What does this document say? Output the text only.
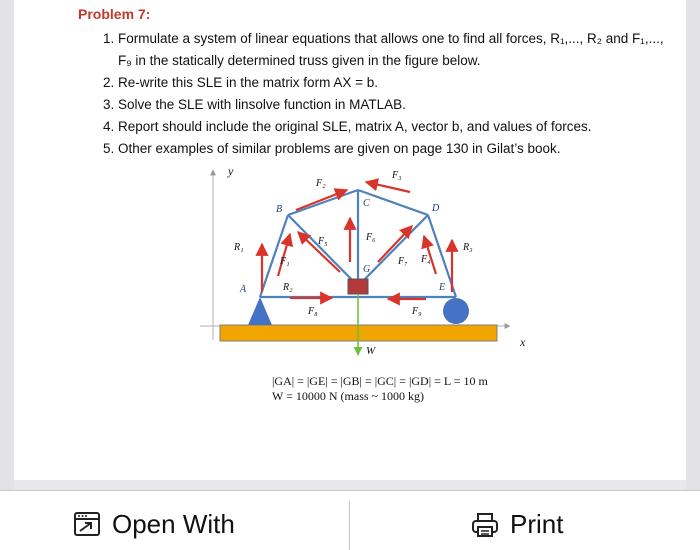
Problem 7:

1. Formulate a system of linear equations that allows one to find all forces, R₁,..., R₂ and F₁,..., F₉ in the statically determined truss given in the figure below.
2. Re-write this SLE in the matrix form AX = b.
3. Solve the SLE with linsolve function in MATLAB.
4. Report should include the original SLE, matrix A, vector b, and values of forces.
5. Other examples of similar problems are given on page 130 in Gilat’s book.
y
x
W
A
B
C	D
E
G
R₁
R₂
R₃
F₁
F₂
F₃
F₄
F₅	F₆
F₇
F₈	F₉
|GA| = |GE| = |GB| = |GC| = |GD| = L = 10 m
W = 10000 N (mass ~ 1000 kg)
Open With	Print
